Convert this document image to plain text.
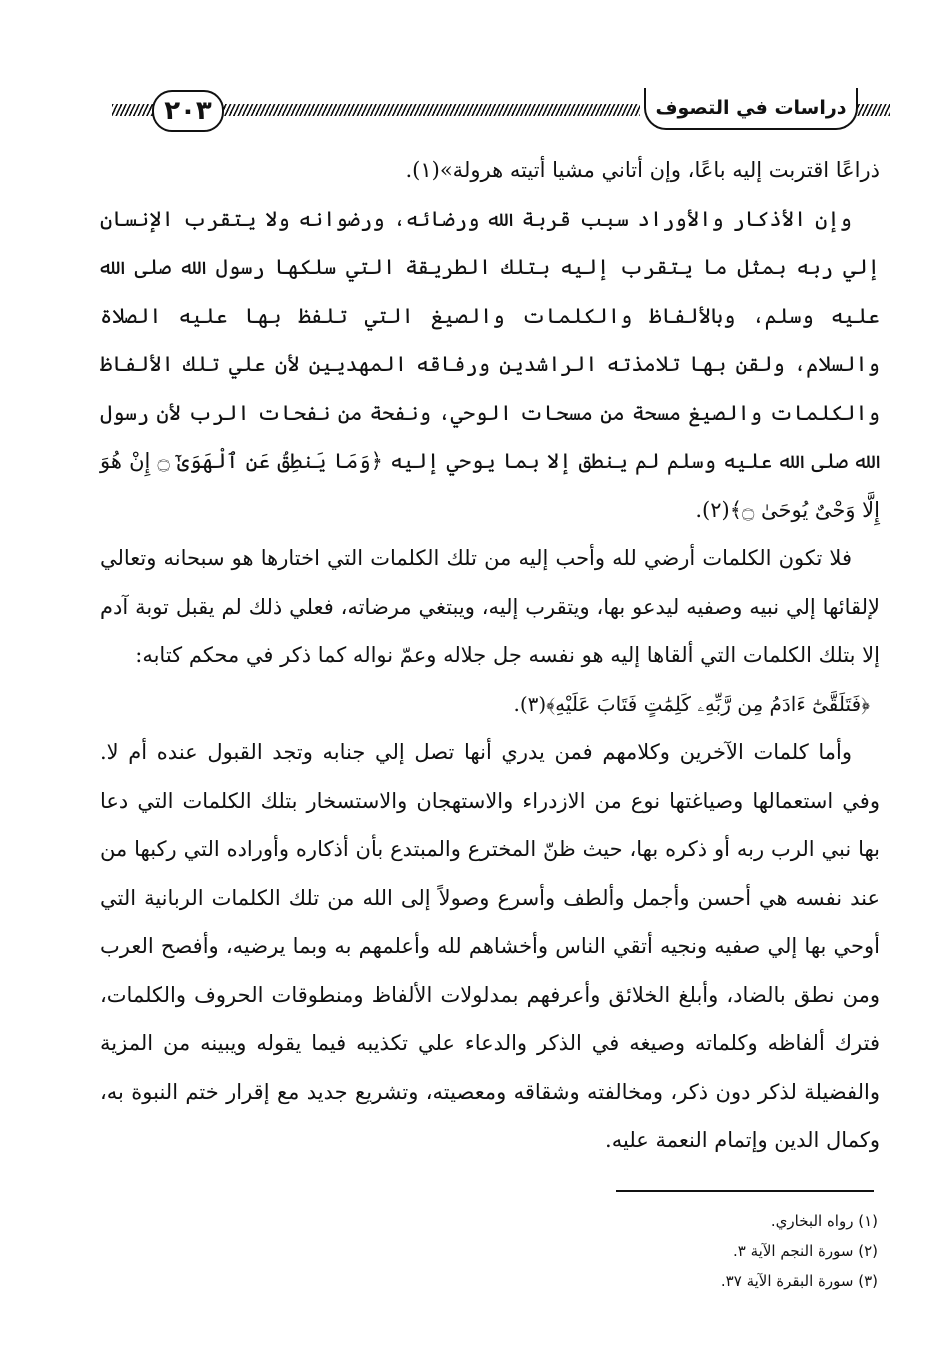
٢٠٣	دراسات في التصوف

ذراعًا اقتربت إليه باعًا، وإن أتاني مشيا أتيته هرولة»(١).

وإن الأذكار والأوراد سبب قربة الله ورضائه، ورضوانه ولا يتقرب الإنسان إلي ربه بمثل ما يتقرب إليه بتلك الطريقة التي سلكها رسول الله صلى الله عليه وسلم، وبالألفاظ والكلمات والصيغ التي تلفظ بها عليه الصلاة والسلام، ولقن بها تلامذته الراشدين ورفاقه المهديين لأن علي تلك الألفاظ والكلمات والصيغ مسحة من مسحات الوحي، ونفحة من نفحات الرب لأن رسول الله صلى الله عليه وسلم لم ينطق إلا بما يوحي إليه ﴿وَمَا يَنطِقُ عَنِ ٱلْهَوَىٰٓ ۝ إِنْ هُوَ إِلَّا وَحْىٌ يُوحَىٰ ۝﴾(٢).

فلا تكون الكلمات أرضي لله وأحب إليه من تلك الكلمات التي اختارها هو سبحانه وتعالي لإلقائها إلي نبيه وصفيه ليدعو بها، ويتقرب إليه، ويبتغي مرضاته، فعلي ذلك لم يقبل توبة آدم إلا بتلك الكلمات التي ألقاها إليه هو نفسه جل جلاله وعمّ نواله كما ذكر في محكم كتابه:

﴿فَتَلَقَّىٰٓ ءَادَمُ مِن رَّبِّهِۦ كَلِمَٰتٍ فَتَابَ عَلَيْهِ﴾(٣).

وأما كلمات الآخرين وكلامهم فمن يدري أنها تصل إلي جنابه وتجد القبول عنده أم لا. وفي استعمالها وصياغتها نوع من الازدراء والاستهجان والاستسخار بتلك الكلمات التي دعا بها نبي الرب ربه أو ذكره بها، حيث ظنّ المخترع والمبتدع بأن أذكاره وأوراده التي ركبها من عند نفسه هي أحسن وأجمل وألطف وأسرع وصولاً إلى الله من تلك الكلمات الربانية التي أوحي بها إلي صفيه ونجيه أتقي الناس وأخشاهم لله وأعلمهم به وبما يرضيه، وأفصح العرب ومن نطق بالضاد، وأبلغ الخلائق وأعرفهم بمدلولات الألفاظ ومنطوقات الحروف والكلمات، فترك ألفاظه وكلماته وصيغه في الذكر والدعاء علي تكذيبه فيما يقوله ويبينه من المزية والفضيلة لذكر دون ذكر، ومخالفته وشقاقه ومعصيته، وتشريع جديد مع إقرار ختم النبوة به، وكمال الدين وإتمام النعمة عليه.

(١) رواه البخاري.

(٢) سورة النجم الآية ٣.

(٣) سورة البقرة الآية ٣٧.
